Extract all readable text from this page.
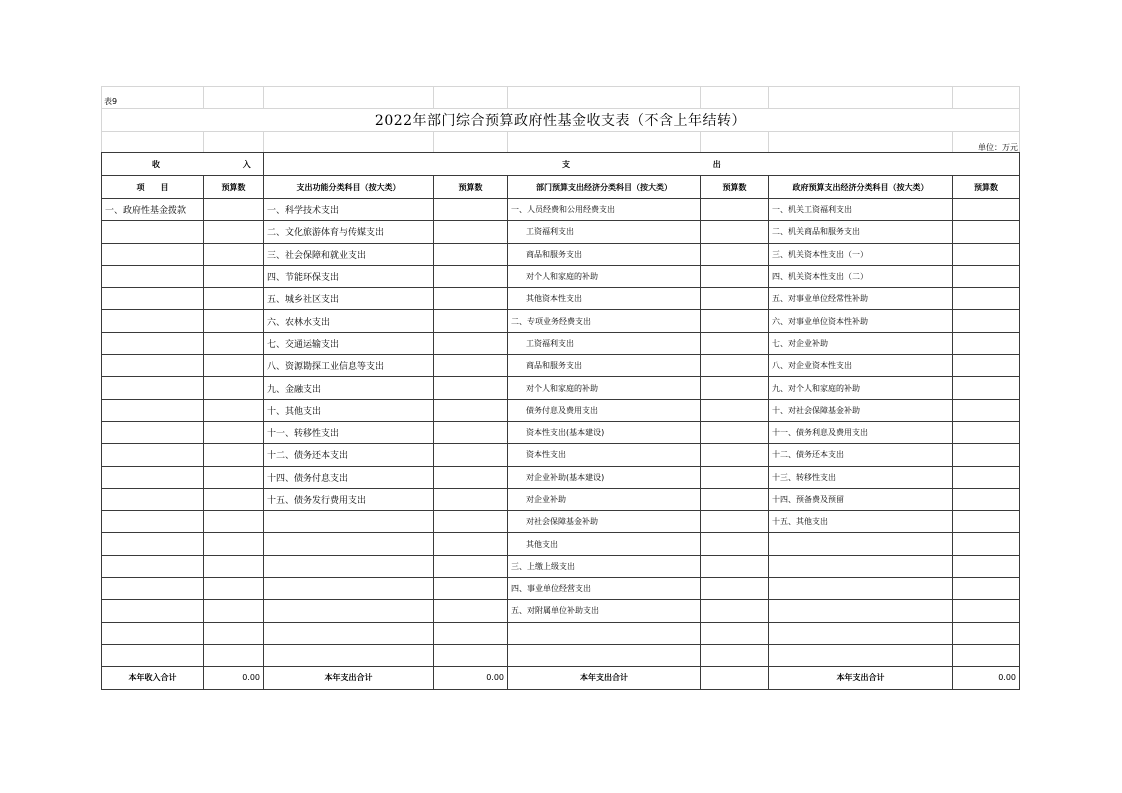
表9
2022年部门综合预算政府性基金收支表（不含上年结转）
单位：万元
收 入		支 出					
项　　目	预算数	支出功能分类科目（按大类）	预算数	部门预算支出经济分类科目（按大类）	预算数	政府预算支出经济分类科目（按大类）	预算数
一、政府性基金拨款		一、科学技术支出		一、人员经费和公用经费支出		一、机关工资福利支出	
		二、文化旅游体育与传媒支出		工资福利支出		二、机关商品和服务支出	
		三、社会保障和就业支出		商品和服务支出		三、机关资本性支出（一）	
		四、节能环保支出		对个人和家庭的补助		四、机关资本性支出（二）	
		五、城乡社区支出		其他资本性支出		五、对事业单位经常性补助	
		六、农林水支出		二、专项业务经费支出		六、对事业单位资本性补助	
		七、交通运输支出		工资福利支出		七、对企业补助	
		八、资源勘探工业信息等支出		商品和服务支出		八、对企业资本性支出	
		九、金融支出		对个人和家庭的补助		九、对个人和家庭的补助	
		十、其他支出		债务付息及费用支出		十、对社会保障基金补助	
		十一、转移性支出		资本性支出(基本建设)		十一、债务利息及费用支出	
		十二、债务还本支出		资本性支出		十二、债务还本支出	
		十四、债务付息支出		对企业补助(基本建设)		十三、转移性支出	
		十五、债务发行费用支出		对企业补助		十四、预备费及预留	
				对社会保障基金补助		十五、其他支出	
				其他支出			
				三、上缴上级支出			
				四、事业单位经营支出			
				五、对附属单位补助支出			

本年收入合计	0.00	本年支出合计	0.00	本年支出合计		本年支出合计	0.00
